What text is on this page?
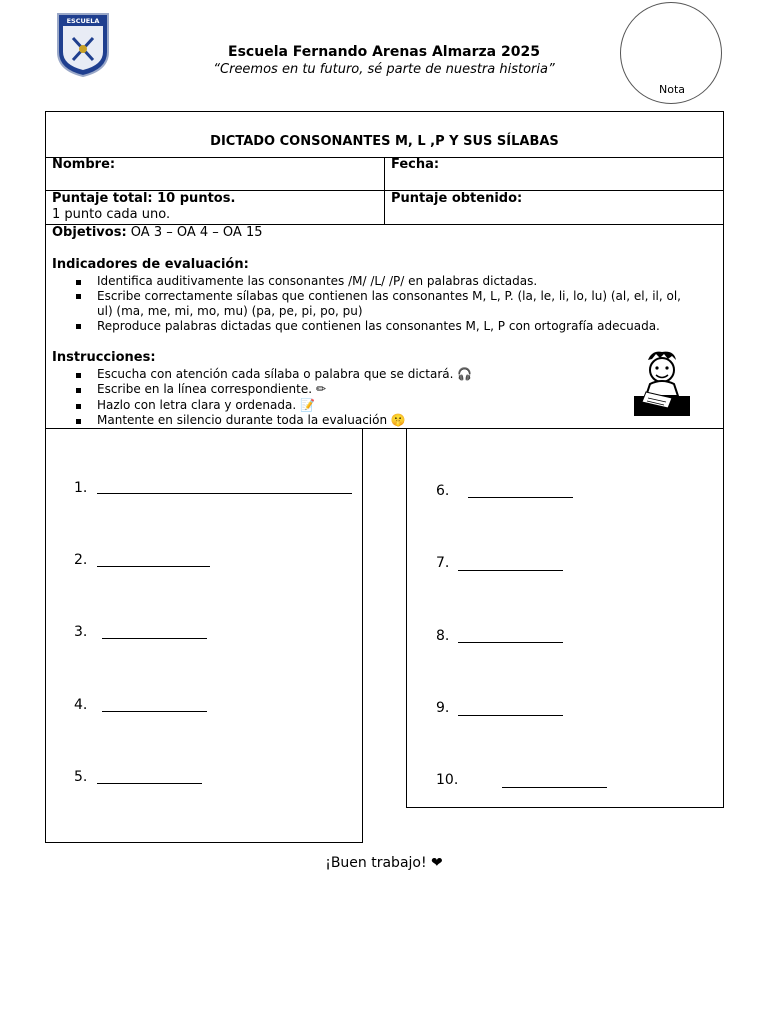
ESCUELA
Escuela Fernando Arenas Almarza 2025
“Creemos en tu futuro, sé parte de nuestra historia”
Nota
DICTADO CONSONANTES M, L ,P Y SUS SÍLABAS
Nombre:	Fecha:
Puntaje total: 10 puntos.
1 punto cada uno.
Puntaje obtenido:
Objetivos: OA 3 – OA 4 – OA 15
Indicadores de evaluación:
Identifica auditivamente las consonantes /M/ /L/ /P/ en palabras dictadas.
Escribe correctamente sílabas que contienen las consonantes M, L, P. (la, le, li, lo, lu) (al, el, il, ol,
ul) (ma, me, mi, mo, mu) (pa, pe, pi, po, pu)
Reproduce palabras dictadas que contienen las consonantes M, L, P con ortografía adecuada.
Instrucciones:
Escucha con atención cada sílaba o palabra que se dictará. 🎧
Escribe en la línea correspondiente. ✏
Hazlo con letra clara y ordenada. 📝
Mantente en silencio durante toda la evaluación 🤫
1.
2.
3.
4.
5.
6.
7.
8.
9.
10.
¡Buen trabajo! ❤
